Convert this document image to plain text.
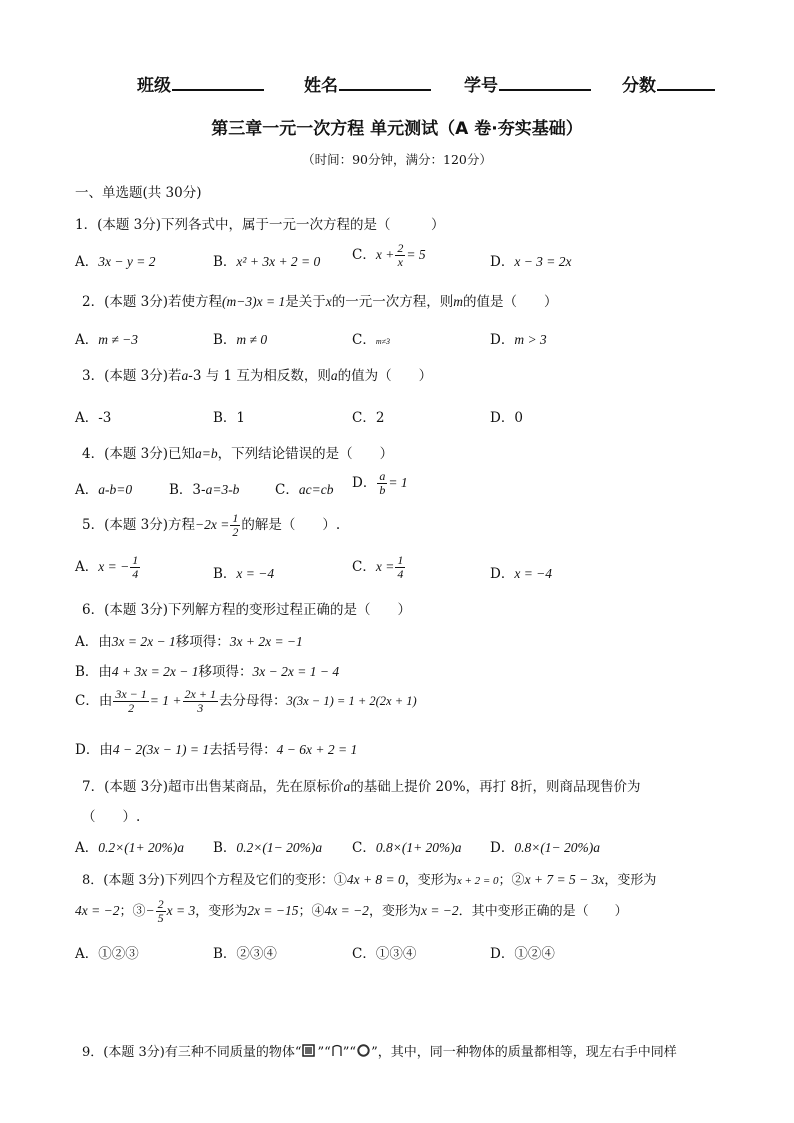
班级	姓名	学号	分数
第三章一元一次方程 单元测试（A 卷·夯实基础）
（时间：90分钟，满分：120分）
一、单选题(共 30分)
1．(本题 3分)下列各式中，属于一元一次方程的是（　　　）
A．3x − y = 2	B．x² + 3x + 2 = 0 C．$x + \frac{2}{x} = 5$	D．x − 3 = 2x
2．(本题 3分)若使方程(m−3)x = 1是关于x的一元一次方程，则m的值是（　　）
A．m ≠ −3	B．m ≠ 0	C．m≠3	D．m > 3
3．(本题 3分)若a-3 与 1 互为相反数，则a的值为（　　）
A．-3	B．1	C．2	D．0
4．(本题 3分)已知a=b，下列结论错误的是（　　）
A．a-b=0	B．3-a=3-b	C．ac=cb D． $\frac{a}{b} = 1$
5．(本题 3分)方程$-2x = \frac{1}{2}$ 的解是（　　）.
A．x = − $\frac{1}{4}$	B．x = −4	C．$x = \frac{1}{4}$	D．x = −4
6．(本题 3分)下列解方程的变形过程正确的是（　　）
A．由3x = 2x − 1移项得：3x + 2x = −1
B．由4 + 3x = 2x − 1移项得：3x − 2x = 1 − 4
C．由 $\frac{3x - 1}{2} = 1 + \frac{2x + 1}{3}$ 去分母得：3(3x − 1) = 1 + 2(2x + 1)
D．由4 − 2(3x − 1) = 1去括号得：4 − 6x + 2 = 1
7．(本题 3分)超市出售某商品，先在原标价a的基础上提价 20%，再打 8折，则商品现售价为
（　　）.
A．0.2×(1+ 20%)a B．0.2×(1− 20%)a C．0.8×(1+ 20%)a D．0.8×(1− 20%)a
8．(本题 3分)下列四个方程及它们的变形：①4x + 8 = 0，变形为x + 2 = 0；②x + 7 = 5 − 3x，变形为
4x = −2；③− $\frac{2}{5}$ x = 3，变形为2x = −15；④4x = −2，变形为x = −2．其中变形正确的是（　　）
A．①②③	B．②③④	C．①③④	D．①②④
9．(本题 3分)有三种不同质量的物体“ ”“ ”“ ”，其中，同一种物体的质量都相等，现左右手中同样
